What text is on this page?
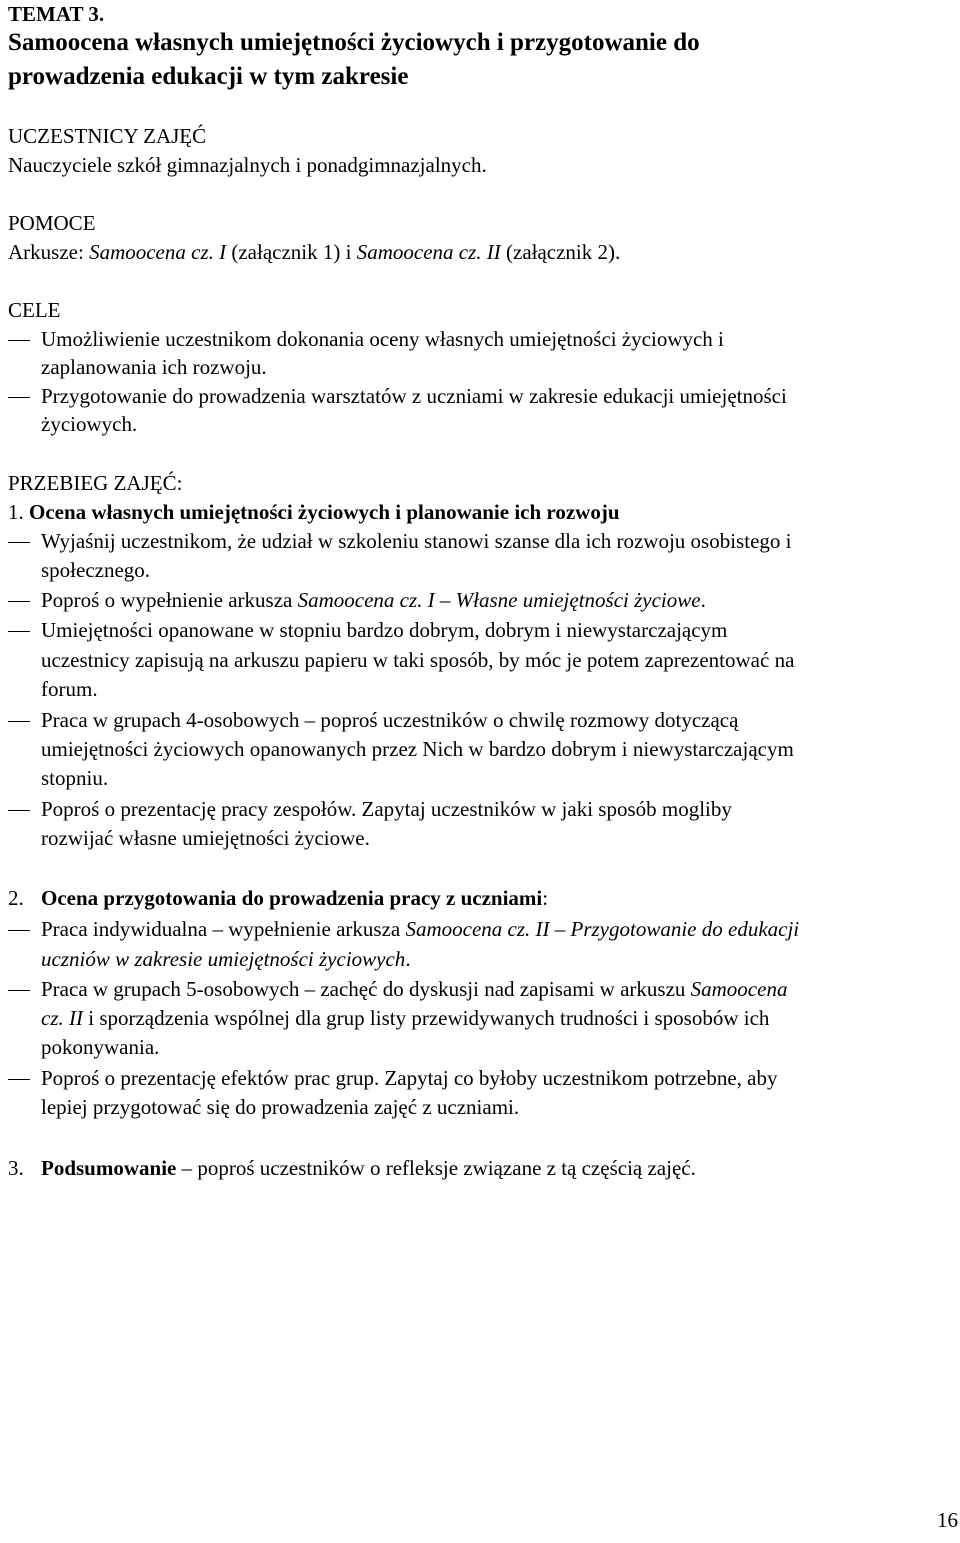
TEMAT 3.
Samoocena własnych umiejętności życiowych i przygotowanie do
prowadzenia edukacji w tym zakresie
UCZESTNICY ZAJĘĆ
Nauczyciele szkół gimnazjalnych i ponadgimnazjalnych.
POMOCE
Arkusze: Samoocena cz. I (załącznik 1) i Samoocena cz. II (załącznik 2).
CELE
Umożliwienie uczestnikom dokonania oceny własnych umiejętności życiowych i
zaplanowania ich rozwoju.
Przygotowanie do prowadzenia warsztatów z uczniami w zakresie edukacji umiejętności
życiowych.
PRZEBIEG ZAJĘĆ:
1. Ocena własnych umiejętności życiowych i planowanie ich rozwoju
Wyjaśnij uczestnikom, że udział w szkoleniu stanowi szanse dla ich rozwoju osobistego i
społecznego.
Poproś o wypełnienie arkusza Samoocena cz. I – Własne umiejętności życiowe.
Umiejętności opanowane w stopniu bardzo dobrym, dobrym i niewystarczającym
uczestnicy zapisują na arkuszu papieru w taki sposób, by móc je potem zaprezentować na
forum.
Praca w grupach 4-osobowych – poproś uczestników o chwilę rozmowy dotyczącą
umiejętności życiowych opanowanych przez Nich w bardzo dobrym i niewystarczającym
stopniu.
Poproś o prezentację pracy zespołów. Zapytaj uczestników w jaki sposób mogliby
rozwijać własne umiejętności życiowe.
2. Ocena przygotowania do prowadzenia pracy z uczniami:
Praca indywidualna – wypełnienie arkusza Samoocena cz. II – Przygotowanie do edukacji
uczniów w zakresie umiejętności życiowych.
Praca w grupach 5-osobowych – zachęć do dyskusji nad zapisami w arkuszu Samoocena
cz. II i sporządzenia wspólnej dla grup listy przewidywanych trudności i sposobów ich
pokonywania.
Poproś o prezentację efektów prac grup. Zapytaj co byłoby uczestnikom potrzebne, aby
lepiej przygotować się do prowadzenia zajęć z uczniami.
3. Podsumowanie – poproś uczestników o refleksje związane z tą częścią zajęć.
16
